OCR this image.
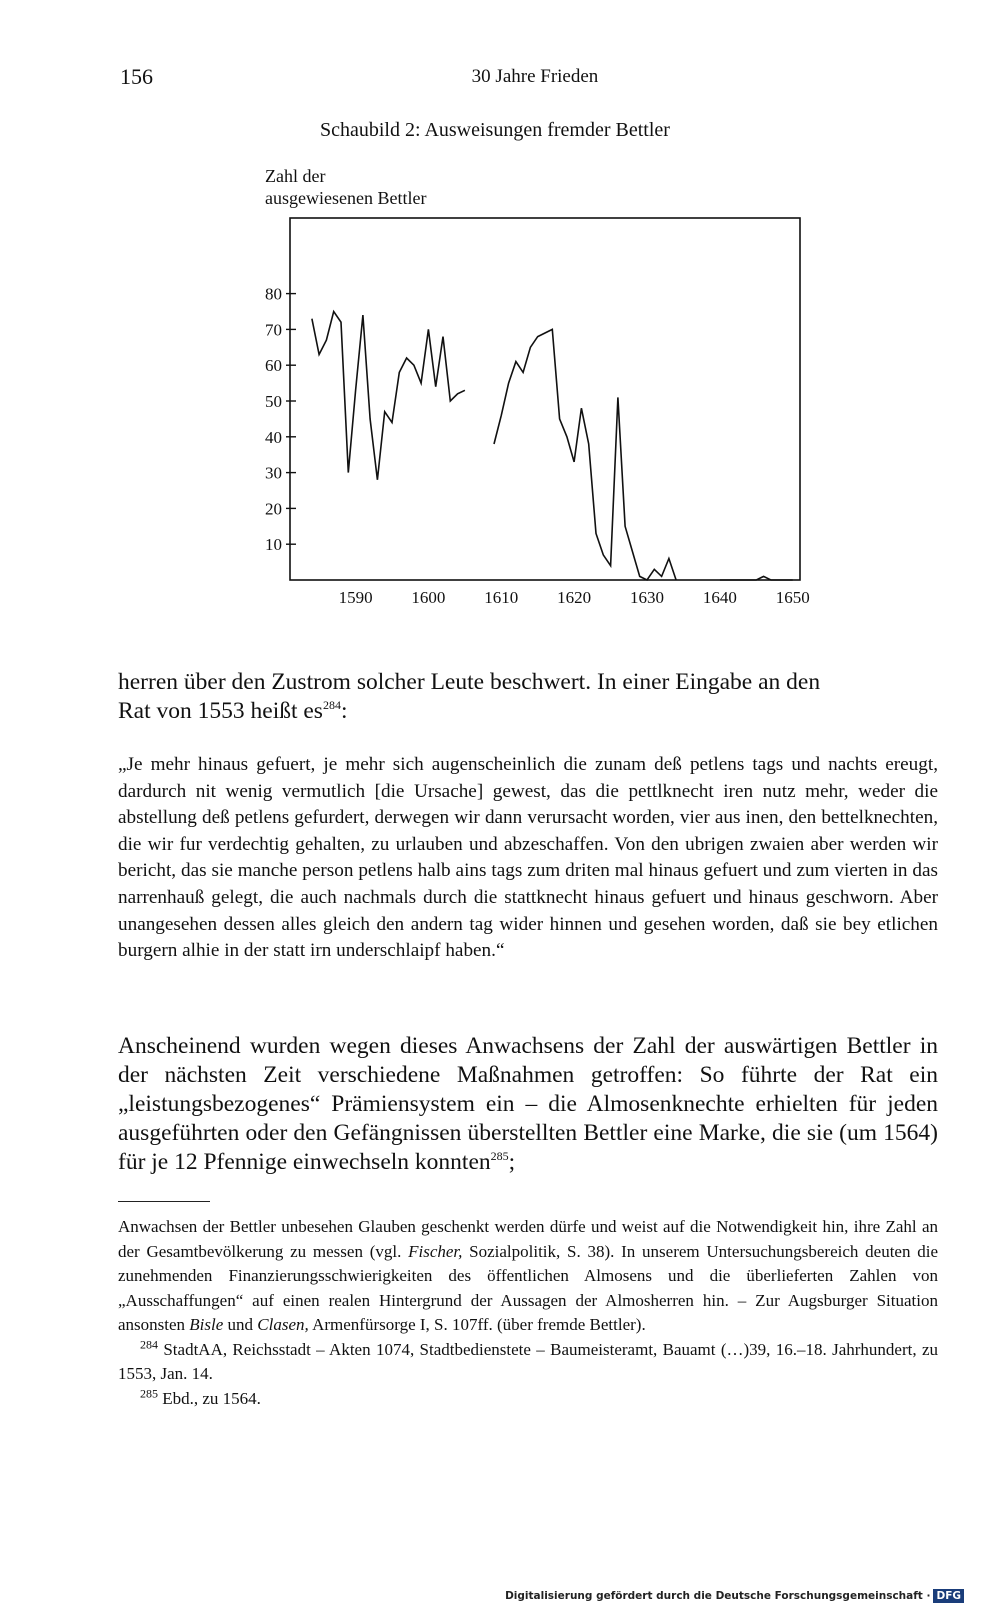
156	30 Jahre Frieden
Schaubild 2: Ausweisungen fremder Bettler
Zahl der
ausgewiesenen Bettler
80
70
60
50
40
30
20
10
1590 1600 1610 1620 1630 1640 1650
herren über den Zustrom solcher Leute beschwert. In einer Eingabe an den
Rat von 1553 heißt $es^{284}$:
„Je mehr hinaus gefuert, je mehr sich augenscheinlich die zunam deß petlens tags und nachts ereugt, dardurch nit wenig vermutlich [die Ursache] gewest, das die pettlknecht iren nutz mehr, weder die abstellung deß petlens gefurdert, derwegen wir dann verursacht worden, vier aus inen, den bettelknechten, die wir fur verdechtig gehalten, zu urlauben und abzeschaffen. Von den ubrigen zwaien aber werden wir bericht, das sie manche person petlens halb ains tags zum driten mal hinaus gefuert und zum vierten in das narrenhauß gelegt, die auch nachmals durch die stattknecht hinaus gefuert und hinaus geschworn. Aber unangesehen dessen alles gleich den andern tag wider hinnen und gesehen worden, daß sie bey etlichen burgern alhie in der statt irn underschlaipf haben.“
Anscheinend wurden wegen dieses Anwachsens der Zahl der auswärtigen Bettler in der nächsten Zeit verschiedene Maßnahmen getroffen: So führte der Rat ein „leistungsbezogenes“ Prämiensystem ein – die Almosenknechte erhielten für jeden ausgeführten oder den Gefängnissen überstellten Bettler eine Marke, die sie (um 1564) für je 12 Pfennige einwechseln konnten$^{285}$;

Anwachsen der Bettler unbesehen Glauben geschenkt werden dürfe und weist auf die Notwendigkeit hin, ihre Zahl an der Gesamtbevölkerung zu messen (vgl. Fischer, Sozialpolitik, S. 38). In unserem Untersuchungsbereich deuten die zunehmenden Finanzierungsschwierigkeiten des öffentlichen Almosens und die überlieferten Zahlen von „Ausschaffungen“ auf einen realen Hintergrund der Aussagen der Almosherren hin. – Zur Augsburger Situation ansonsten Bisle und Clasen, Armenfürsorge I, S. 107ff. (über fremde Bettler).

$^{284}$ StadtAA, Reichsstadt – Akten 1074, Stadtbedienstete – Baumeisteramt, Bauamt (…)39, 16.–18. Jahrhundert, zu 1553, Jan. 14.

$^{285}$ Ebd., zu 1564.

Digitalisierung gefördert durch die Deutsche Forschungsgemeinschaft · DFG
